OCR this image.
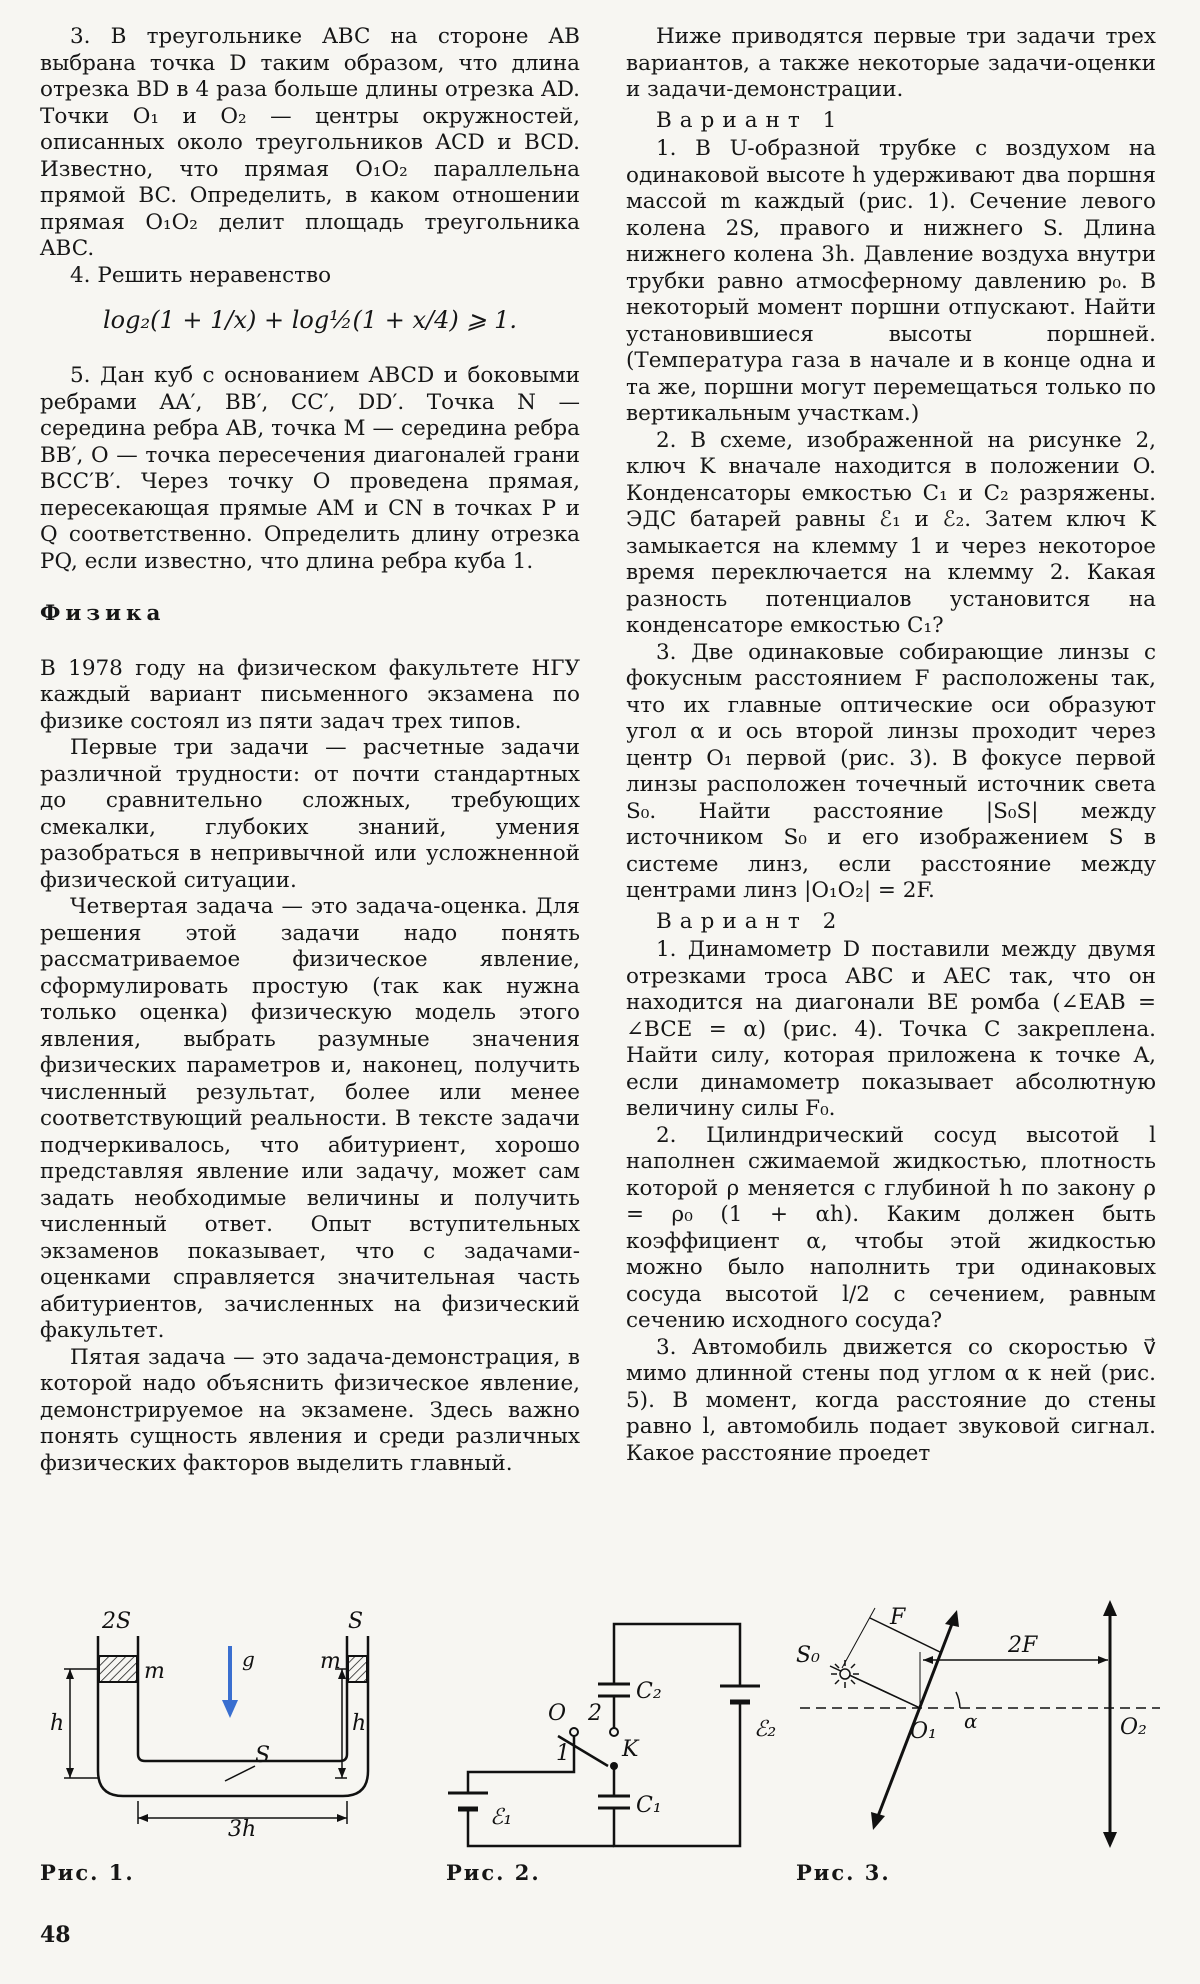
3. В треугольнике ABC на стороне AB выбрана точка D таким образом, что длина отрезка BD в 4 раза больше длины отрезка AD. Точки O₁ и O₂ — центры окружностей, описанных около треугольников ACD и BCD. Известно, что прямая O₁O₂ параллельна прямой BC. Определить, в каком отношении прямая O₁O₂ делит площадь треугольника ABC.

4. Решить неравенство

log₂(1 + 1/x) + log½(1 + x/4) ⩾ 1.

5. Дан куб с основанием ABCD и боковыми ребрами AA′, BB′, CC′, DD′. Точка N — середина ребра AB, точка M — середина ребра BB′, O — точка пересечения диагоналей грани BCC′B′. Через точку O проведена прямая, пересекающая прямые AM и CN в точках P и Q соответственно. Определить длину отрезка PQ, если известно, что длина ребра куба 1.

Физика

В 1978 году на физическом факультете НГУ каждый вариант письменного экзамена по физике состоял из пяти задач трех типов.

Первые три задачи — расчетные задачи различной трудности: от почти стандартных до сравнительно сложных, требующих смекалки, глубоких знаний, умения разобраться в непривычной или усложненной физической ситуации.

Четвертая задача — это задача-оценка. Для решения этой задачи надо понять рассматриваемое физическое явление, сформулировать простую (так как нужна только оценка) физическую модель этого явления, выбрать разумные значения физических параметров и, наконец, получить численный результат, более или менее соответствующий реальности. В тексте задачи подчеркивалось, что абитуриент, хорошо представляя явление или задачу, может сам задать необходимые величины и получить численный ответ. Опыт вступительных экзаменов показывает, что с задачами-оценками справляется значительная часть абитуриентов, зачисленных на физический факультет.

Пятая задача — это задача-демонстрация, в которой надо объяснить физическое явление, демонстрируемое на экзамене. Здесь важно понять сущность явления и среди различных физических факторов выделить главный.

Ниже приводятся первые три задачи трех вариантов, а также некоторые задачи-оценки и задачи-демонстрации.

Вариант 1

1. В U-образной трубке с воздухом на одинаковой высоте h удерживают два поршня массой m каждый (рис. 1). Сечение левого колена 2S, правого и нижнего S. Длина нижнего колена 3h. Давление воздуха внутри трубки равно атмосферному давлению p₀. В некоторый момент поршни отпускают. Найти установившиеся высоты поршней. (Температура газа в начале и в конце одна и та же, поршни могут перемещаться только по вертикальным участкам.)

2. В схеме, изображенной на рисунке 2, ключ K вначале находится в положении O. Конденсаторы емкостью C₁ и C₂ разряжены. ЭДС батарей равны ℰ₁ и ℰ₂. Затем ключ K замыкается на клемму 1 и через некоторое время переключается на клемму 2. Какая разность потенциалов установится на конденсаторе емкостью C₁?

3. Две одинаковые собирающие линзы с фокусным расстоянием F расположены так, что их главные оптические оси образуют угол α и ось второй линзы проходит через центр O₁ первой (рис. 3). В фокусе первой линзы расположен точечный источник света S₀. Найти расстояние |S₀S| между источником S₀ и его изображением S в системе линз, если расстояние между центрами линз |O₁O₂| = 2F.

Вариант 2

1. Динамометр D поставили между двумя отрезками троса ABC и AEC так, что он находится на диагонали BE ромба (∠EAB = ∠BCE = α) (рис. 4). Точка C закреплена. Найти силу, которая приложена к точке A, если динамометр показывает абсолютную величину силы F₀.

2. Цилиндрический сосуд высотой l наполнен сжимаемой жидкостью, плотность которой ρ меняется с глубиной h по закону ρ = ρ₀ (1 + αh). Каким должен быть коэффициент α, чтобы этой жидкостью можно было наполнить три одинаковых сосуда высотой l/2 с сечением, равным сечению исходного сосуда?

3. Автомобиль движется со скоростью v⃗ мимо длинной стены под углом α к ней (рис. 5). В момент, когда расстояние до стены равно l, автомобиль подает звуковой сигнал. Какое расстояние проедет

2S	S
m	m
g
h	h
S
3h
C₂
C₁
O 2
1 K
ℰ₁
ℰ₂
F
2F
S₀
O₁	O₂
α
Рис. 1.	Рис. 2.	Рис. 3.
48
